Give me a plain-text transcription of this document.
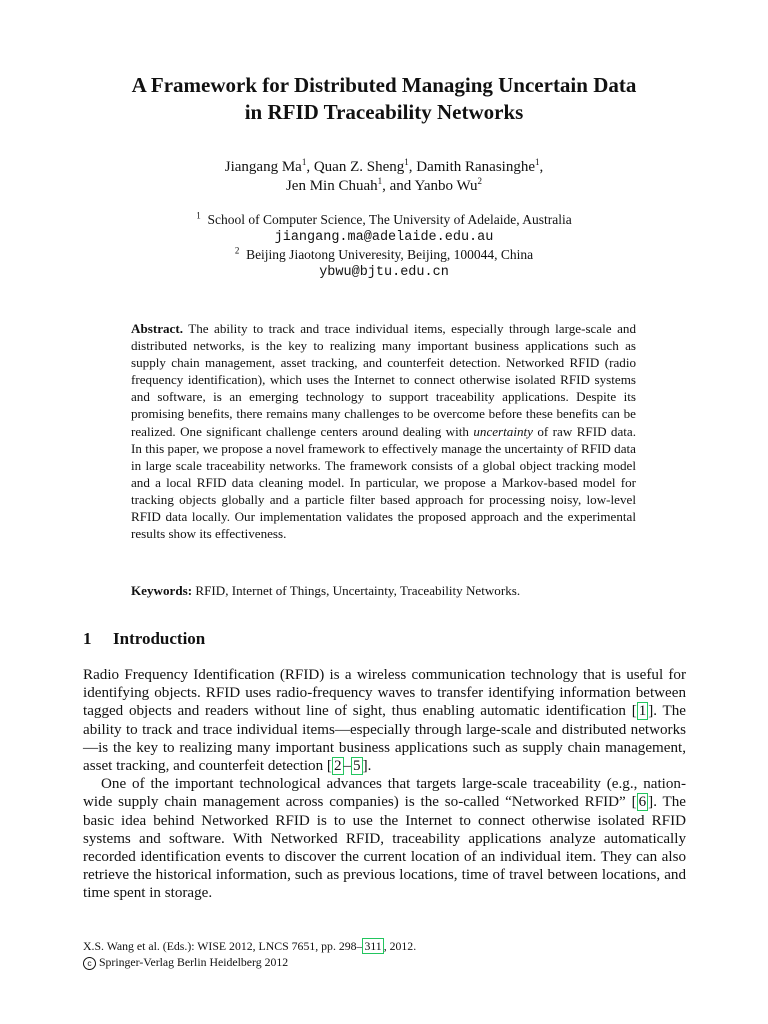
A Framework for Distributed Managing Uncertain Data
in RFID Traceability Networks
Jiangang Ma$^1$, Quan Z. Sheng$^1$, Damith Ranasinghe$^1$,
Jen Min Chuah$^1$, and Yanbo Wu$^2$
$^1$ School of Computer Science, The University of Adelaide, Australia
jiangang.ma@adelaide.edu.au
$^2$ Beijing Jiaotong Univeresity, Beijing, 100044, China
ybwu@bjtu.edu.cn
Abstract. The ability to track and trace individual items, especially through large-scale and distributed networks, is the key to realizing many important business applications such as supply chain management, asset tracking, and counterfeit detection. Networked RFID (radio frequency identification), which uses the Internet to connect otherwise isolated RFID systems and software, is an emerging technology to support traceability applications. Despite its promising benefits, there remains many challenges to be overcome before these benefits can be realized. One significant challenge centers around dealing with uncertainty of raw RFID data. In this paper, we propose a novel framework to effectively manage the uncertainty of RFID data in large scale traceability networks. The framework consists of a global object tracking model and a local RFID data cleaning model. In particular, we propose a Markov-based model for tracking objects globally and a particle filter based approach for processing noisy, low-level RFID data locally. Our implementation validates the proposed approach and the experimental results show its effectiveness.
Keywords: RFID, Internet of Things, Uncertainty, Traceability Networks.
1 Introduction

Radio Frequency Identification (RFID) is a wireless communication technology that is useful for identifying objects. RFID uses radio-frequency waves to transfer identifying information between tagged objects and readers without line of sight, thus enabling automatic identification [ 1 ]. The ability to track and trace individual items—especially through large-scale and distributed networks—is the key to realizing many important business applications such as supply chain management, asset tracking, and counterfeit detection [ 2 – 5 ].

One of the important technological advances that targets large-scale traceability (e.g., nation-wide supply chain management across companies) is the so-called “Networked RFID” [ 6 ]. The basic idea behind Networked RFID is to use the Internet to connect otherwise isolated RFID systems and software. With Networked RFID, traceability applications analyze automatically recorded identification events to discover the current location of an individual item. They can also retrieve the historical information, such as previous locations, time of travel between locations, and time spent in storage.

X.S. Wang et al. (Eds.): WISE 2012, LNCS 7651, pp. 298– 311 , 2012.
c Springer-Verlag Berlin Heidelberg 2012
